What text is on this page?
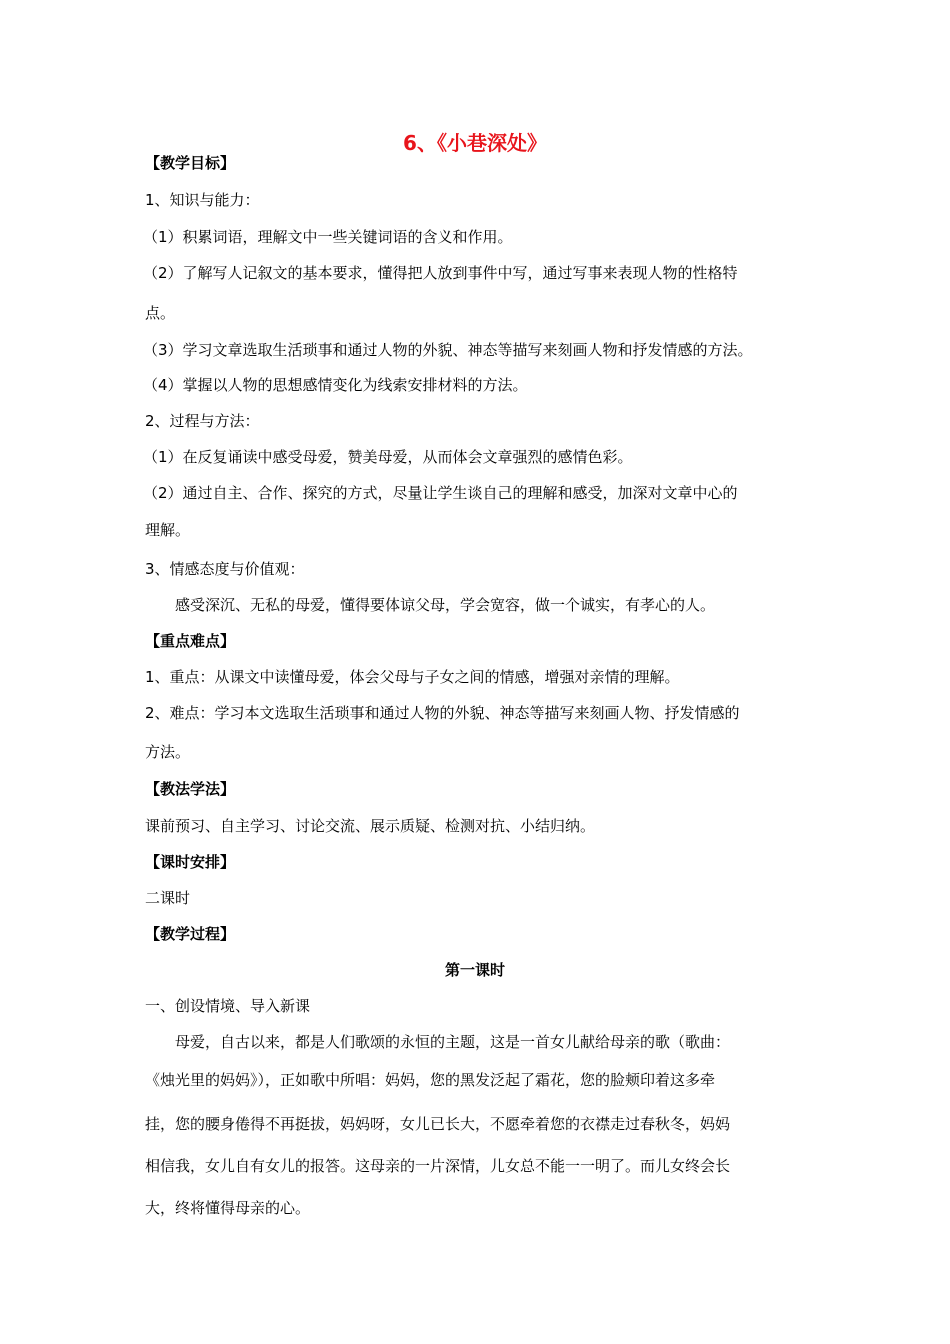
6、《小巷深处》
【教学目标】
1、知识与能力：
（1）积累词语，理解文中一些关键词语的含义和作用。
（2）了解写人记叙文的基本要求，懂得把人放到事件中写，通过写事来表现人物的性格特
点。
（3）学习文章选取生活琐事和通过人物的外貌、神态等描写来刻画人物和抒发情感的方法。
（4）掌握以人物的思想感情变化为线索安排材料的方法。
2、过程与方法：
（1）在反复诵读中感受母爱，赞美母爱，从而体会文章强烈的感情色彩。
（2）通过自主、合作、探究的方式，尽量让学生谈自己的理解和感受，加深对文章中心的
理解。
3、情感态度与价值观：
感受深沉、无私的母爱，懂得要体谅父母，学会宽容，做一个诚实，有孝心的人。
【重点难点】
1、重点：从课文中读懂母爱，体会父母与子女之间的情感，增强对亲情的理解。
2、难点：学习本文选取生活琐事和通过人物的外貌、神态等描写来刻画人物、抒发情感的
方法。
【教法学法】
课前预习、自主学习、讨论交流、展示质疑、检测对抗、小结归纳。
【课时安排】
二课时
【教学过程】
第一课时
一、创设情境、导入新课
母爱，自古以来，都是人们歌颂的永恒的主题，这是一首女儿献给母亲的歌（歌曲：
《烛光里的妈妈》），正如歌中所唱：妈妈，您的黑发泛起了霜花，您的脸颊印着这多牵
挂，您的腰身倦得不再挺拔，妈妈呀，女儿已长大，不愿牵着您的衣襟走过春秋冬，妈妈
相信我，女儿自有女儿的报答。这母亲的一片深情，儿女总不能一一明了。而儿女终会长
大，终将懂得母亲的心。
